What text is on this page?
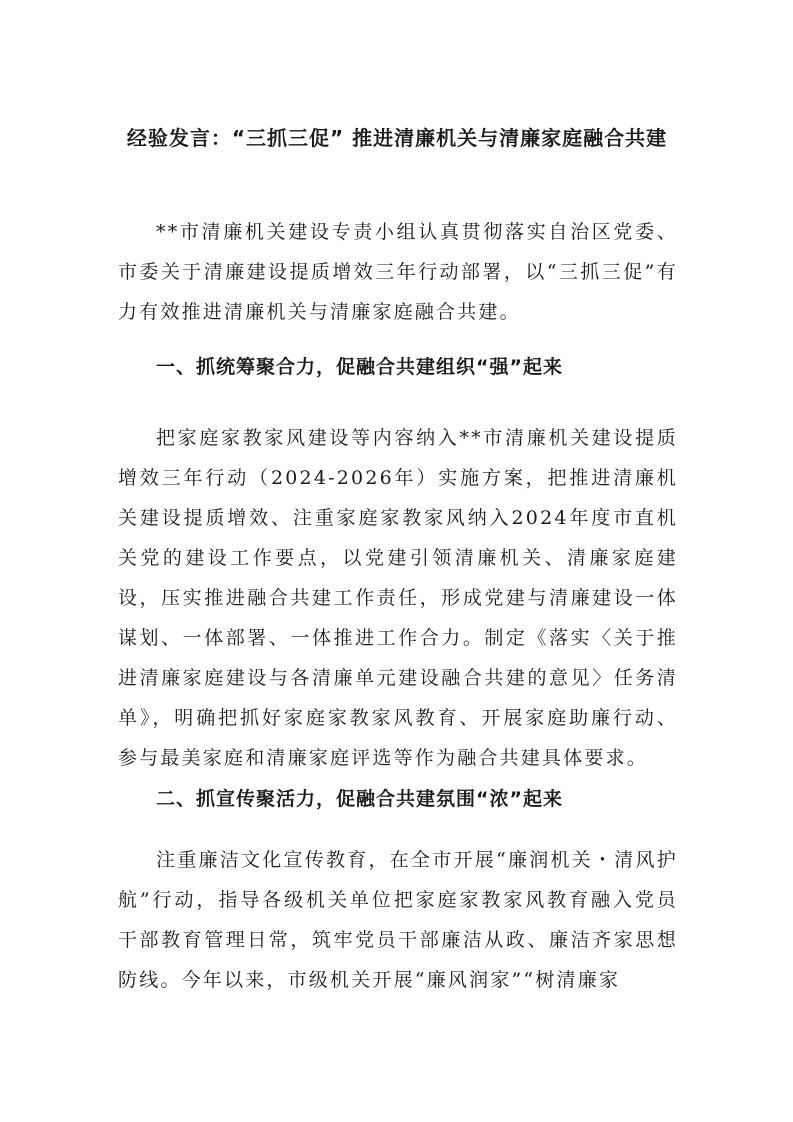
经验发言：“三抓三促” 推进清廉机关与清廉家庭融合共建

**市清廉机关建设专责小组认真贯彻落实自治区党委、市委关于清廉建设提质增效三年行动部署，以“三抓三促”有力有效推进清廉机关与清廉家庭融合共建。

一、抓统筹聚合力，促融合共建组织“强”起来

把家庭家教家风建设等内容纳入**市清廉机关建设提质增效三年行动（2024-2026年）实施方案，把推进清廉机关建设提质增效、注重家庭家教家风纳入2024年度市直机关党的建设工作要点，以党建引领清廉机关、清廉家庭建设，压实推进融合共建工作责任，形成党建与清廉建设一体谋划、一体部署、一体推进工作合力。制定《落实〈关于推进清廉家庭建设与各清廉单元建设融合共建的意见〉任务清单》，明确把抓好家庭家教家风教育、开展家庭助廉行动、参与最美家庭和清廉家庭评选等作为融合共建具体要求。

二、抓宣传聚活力，促融合共建氛围“浓”起来

注重廉洁文化宣传教育，在全市开展“廉润机关・清风护航”行动，指导各级机关单位把家庭家教家风教育融入党员干部教育管理日常，筑牢党员干部廉洁从政、廉洁齐家思想防线。今年以来，市级机关开展“廉风润家”“树清廉家
